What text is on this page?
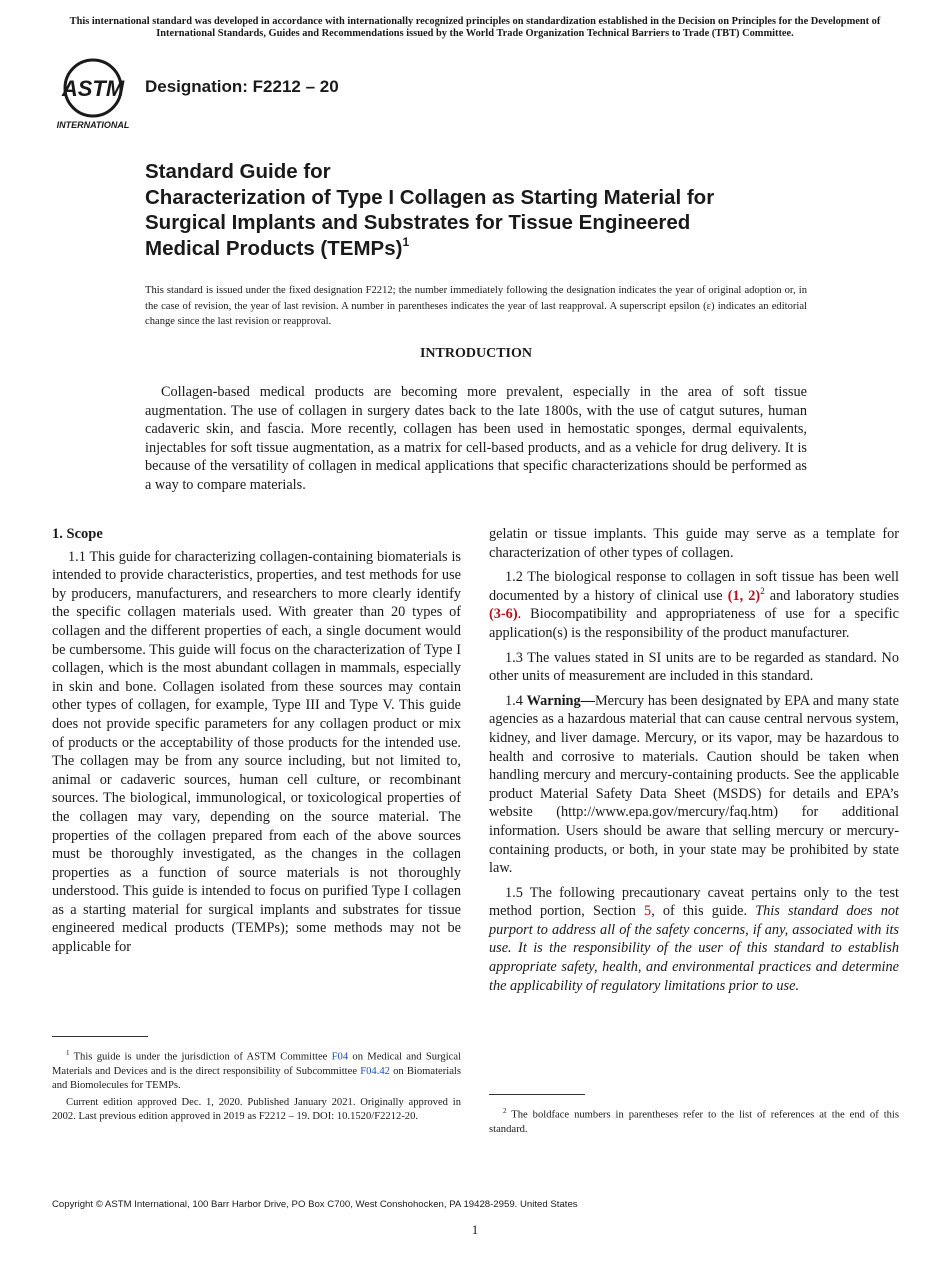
This international standard was developed in accordance with internationally recognized principles on standardization established in the Decision on Principles for the Development of International Standards, Guides and Recommendations issued by the World Trade Organization Technical Barriers to Trade (TBT) Committee.
ASTM
INTERNATIONAL
Designation: F2212 – 20
Standard Guide for
Characterization of Type I Collagen as Starting Material for
Surgical Implants and Substrates for Tissue Engineered
Medical Products (TEMPs)$^1$
This standard is issued under the fixed designation F2212; the number immediately following the designation indicates the year of original adoption or, in the case of revision, the year of last revision. A number in parentheses indicates the year of last reapproval. A superscript epsilon (ε) indicates an editorial change since the last revision or reapproval.
INTRODUCTION
Collagen-based medical products are becoming more prevalent, especially in the area of soft tissue augmentation. The use of collagen in surgery dates back to the late 1800s, with the use of catgut sutures, human cadaveric skin, and fascia. More recently, collagen has been used in hemostatic sponges, dermal equivalents, injectables for soft tissue augmentation, as a matrix for cell-based products, and as a vehicle for drug delivery. It is because of the versatility of collagen in medical applications that specific characterizations should be performed as a way to compare materials.
1. Scope

1.1 This guide for characterizing collagen-containing biomaterials is intended to provide characteristics, properties, and test methods for use by producers, manufacturers, and researchers to more clearly identify the specific collagen materials used. With greater than 20 types of collagen and the different properties of each, a single document would be cumbersome. This guide will focus on the characterization of Type I collagen, which is the most abundant collagen in mammals, especially in skin and bone. Collagen isolated from these sources may contain other types of collagen, for example, Type III and Type V. This guide does not provide specific parameters for any collagen product or mix of products or the acceptability of those products for the intended use. The collagen may be from any source including, but not limited to, animal or cadaveric sources, human cell culture, or recombinant sources. The biological, immunological, or toxicological properties of the collagen may vary, depending on the source material. The properties of the collagen prepared from each of the above sources must be thoroughly investigated, as the changes in the collagen properties as a function of source materials is not thoroughly understood. This guide is intended to focus on purified Type I collagen as a starting material for surgical implants and substrates for tissue engineered medical products (TEMPs); some methods may not be applicable for

$^1$ This guide is under the jurisdiction of ASTM Committee F04 on Medical and Surgical Materials and Devices and is the direct responsibility of Subcommittee F04.42 on Biomaterials and Biomolecules for TEMPs.

Current edition approved Dec. 1, 2020. Published January 2021. Originally approved in 2002. Last previous edition approved in 2019 as F2212 – 19. DOI: 10.1520/F2212-20.

gelatin or tissue implants. This guide may serve as a template for characterization of other types of collagen.

1.2 The biological response to collagen in soft tissue has been well documented by a history of clinical use (1, 2)$^2$ and laboratory studies (3-6). Biocompatibility and appropriateness of use for a specific application(s) is the responsibility of the product manufacturer.

1.3 The values stated in SI units are to be regarded as standard. No other units of measurement are included in this standard.

1.4 Warning—Mercury has been designated by EPA and many state agencies as a hazardous material that can cause central nervous system, kidney, and liver damage. Mercury, or its vapor, may be hazardous to health and corrosive to materials. Caution should be taken when handling mercury and mercury-containing products. See the applicable product Material Safety Data Sheet (MSDS) for details and EPA’s website (http://www.epa.gov/mercury/faq.htm) for additional information. Users should be aware that selling mercury or mercury-containing products, or both, in your state may be prohibited by state law.

1.5 The following precautionary caveat pertains only to the test method portion, Section 5, of this guide. This standard does not purport to address all of the safety concerns, if any, associated with its use. It is the responsibility of the user of this standard to establish appropriate safety, health, and environmental practices and determine the applicability of regulatory limitations prior to use.

$^2$ The boldface numbers in parentheses refer to the list of references at the end of this standard.

Copyright © ASTM International, 100 Barr Harbor Drive, PO Box C700, West Conshohocken, PA 19428-2959. United States
1
